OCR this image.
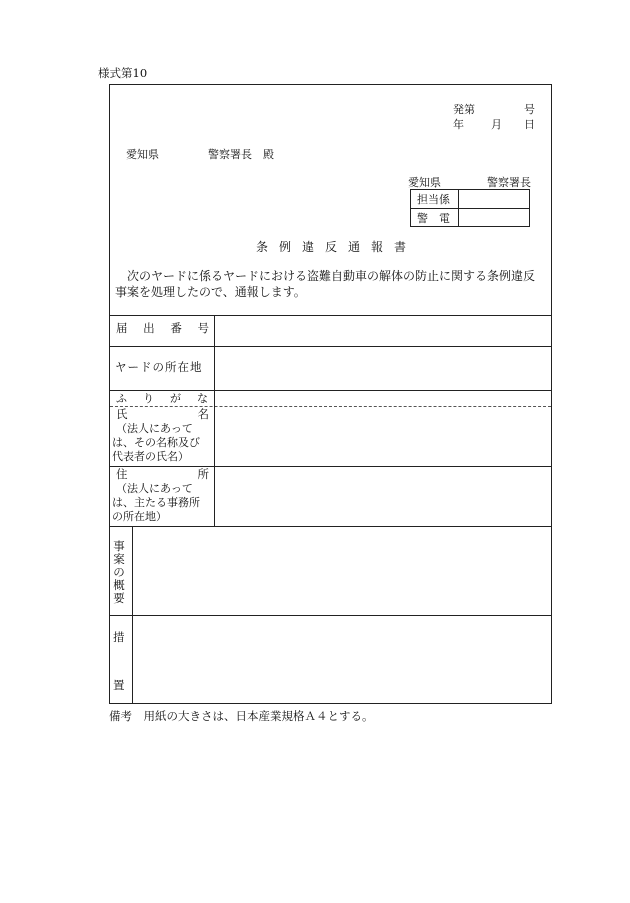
様式第10
発第	号
年 月 日
愛知県	警察署長　殿
愛知県	警察署長
担当係
警　電
条例違反通報書
次のヤードに係るヤードにおける盗難自動車の解体の防止に関する条例違反事案を処理したので、通報します。
届 出 番 号
ヤードの所在地
ふりがな
氏	名
（法人にあって
は、その名称及び
代表者の氏名）
住	所
（法人にあって
は、主たる事務所
の所在地）
事
案
の
概
要
措
置
備考　用紙の大きさは、日本産業規格Ａ４とする。
